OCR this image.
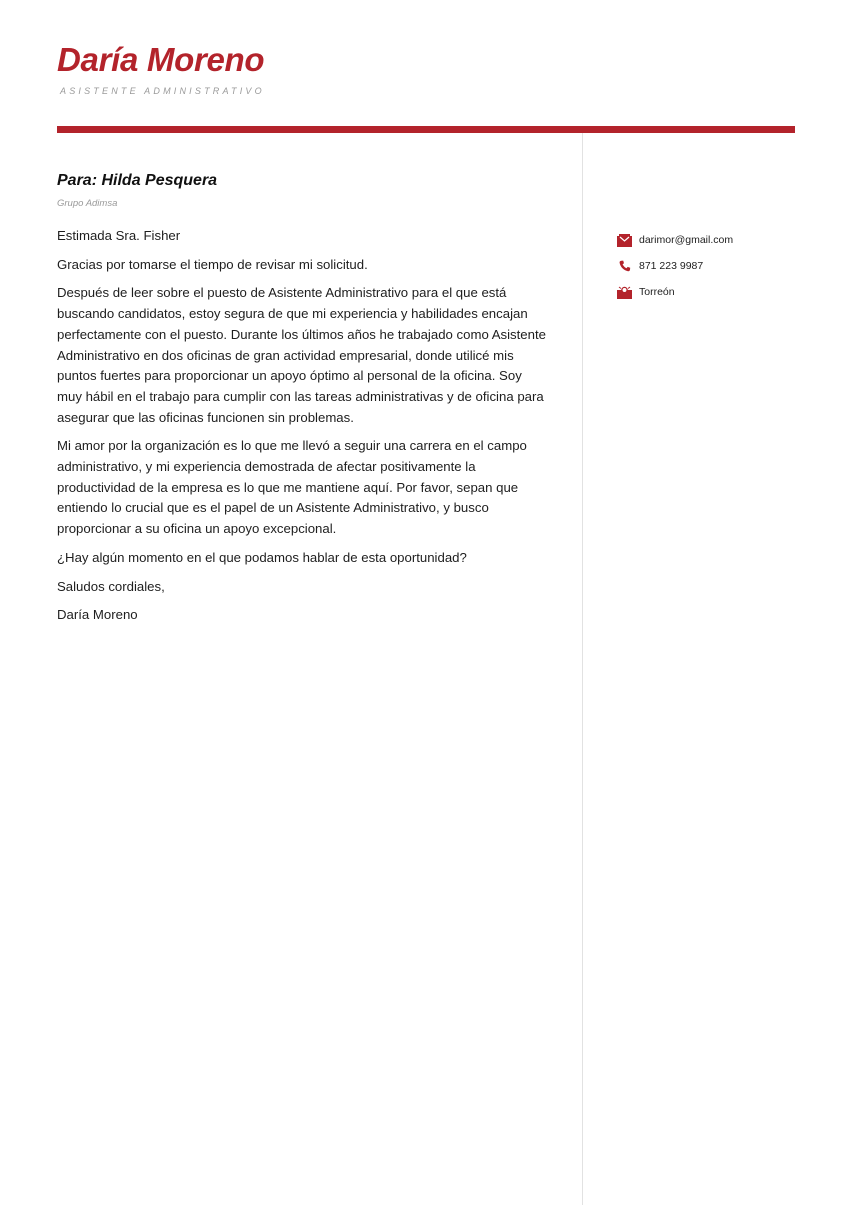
Daría Moreno
ASISTENTE ADMINISTRATIVO
Para: Hilda Pesquera
Grupo Adimsa

Estimada Sra. Fisher

Gracias por tomarse el tiempo de revisar mi solicitud.

Después de leer sobre el puesto de Asistente Administrativo para el que está buscando candidatos, estoy segura de que mi experiencia y habilidades encajan perfectamente con el puesto. Durante los últimos años he trabajado como Asistente Administrativo en dos oficinas de gran actividad empresarial, donde utilicé mis puntos fuertes para proporcionar un apoyo óptimo al personal de la oficina. Soy muy hábil en el trabajo para cumplir con las tareas administrativas y de oficina para asegurar que las oficinas funcionen sin problemas.

Mi amor por la organización es lo que me llevó a seguir una carrera en el campo administrativo, y mi experiencia demostrada de afectar positivamente la productividad de la empresa es lo que me mantiene aquí. Por favor, sepan que entiendo lo crucial que es el papel de un Asistente Administrativo, y busco proporcionar a su oficina un apoyo excepcional.

¿Hay algún momento en el que podamos hablar de esta oportunidad?

Saludos cordiales,

Daría Moreno

darimor@gmail.com
871 223 9987
Torreón
